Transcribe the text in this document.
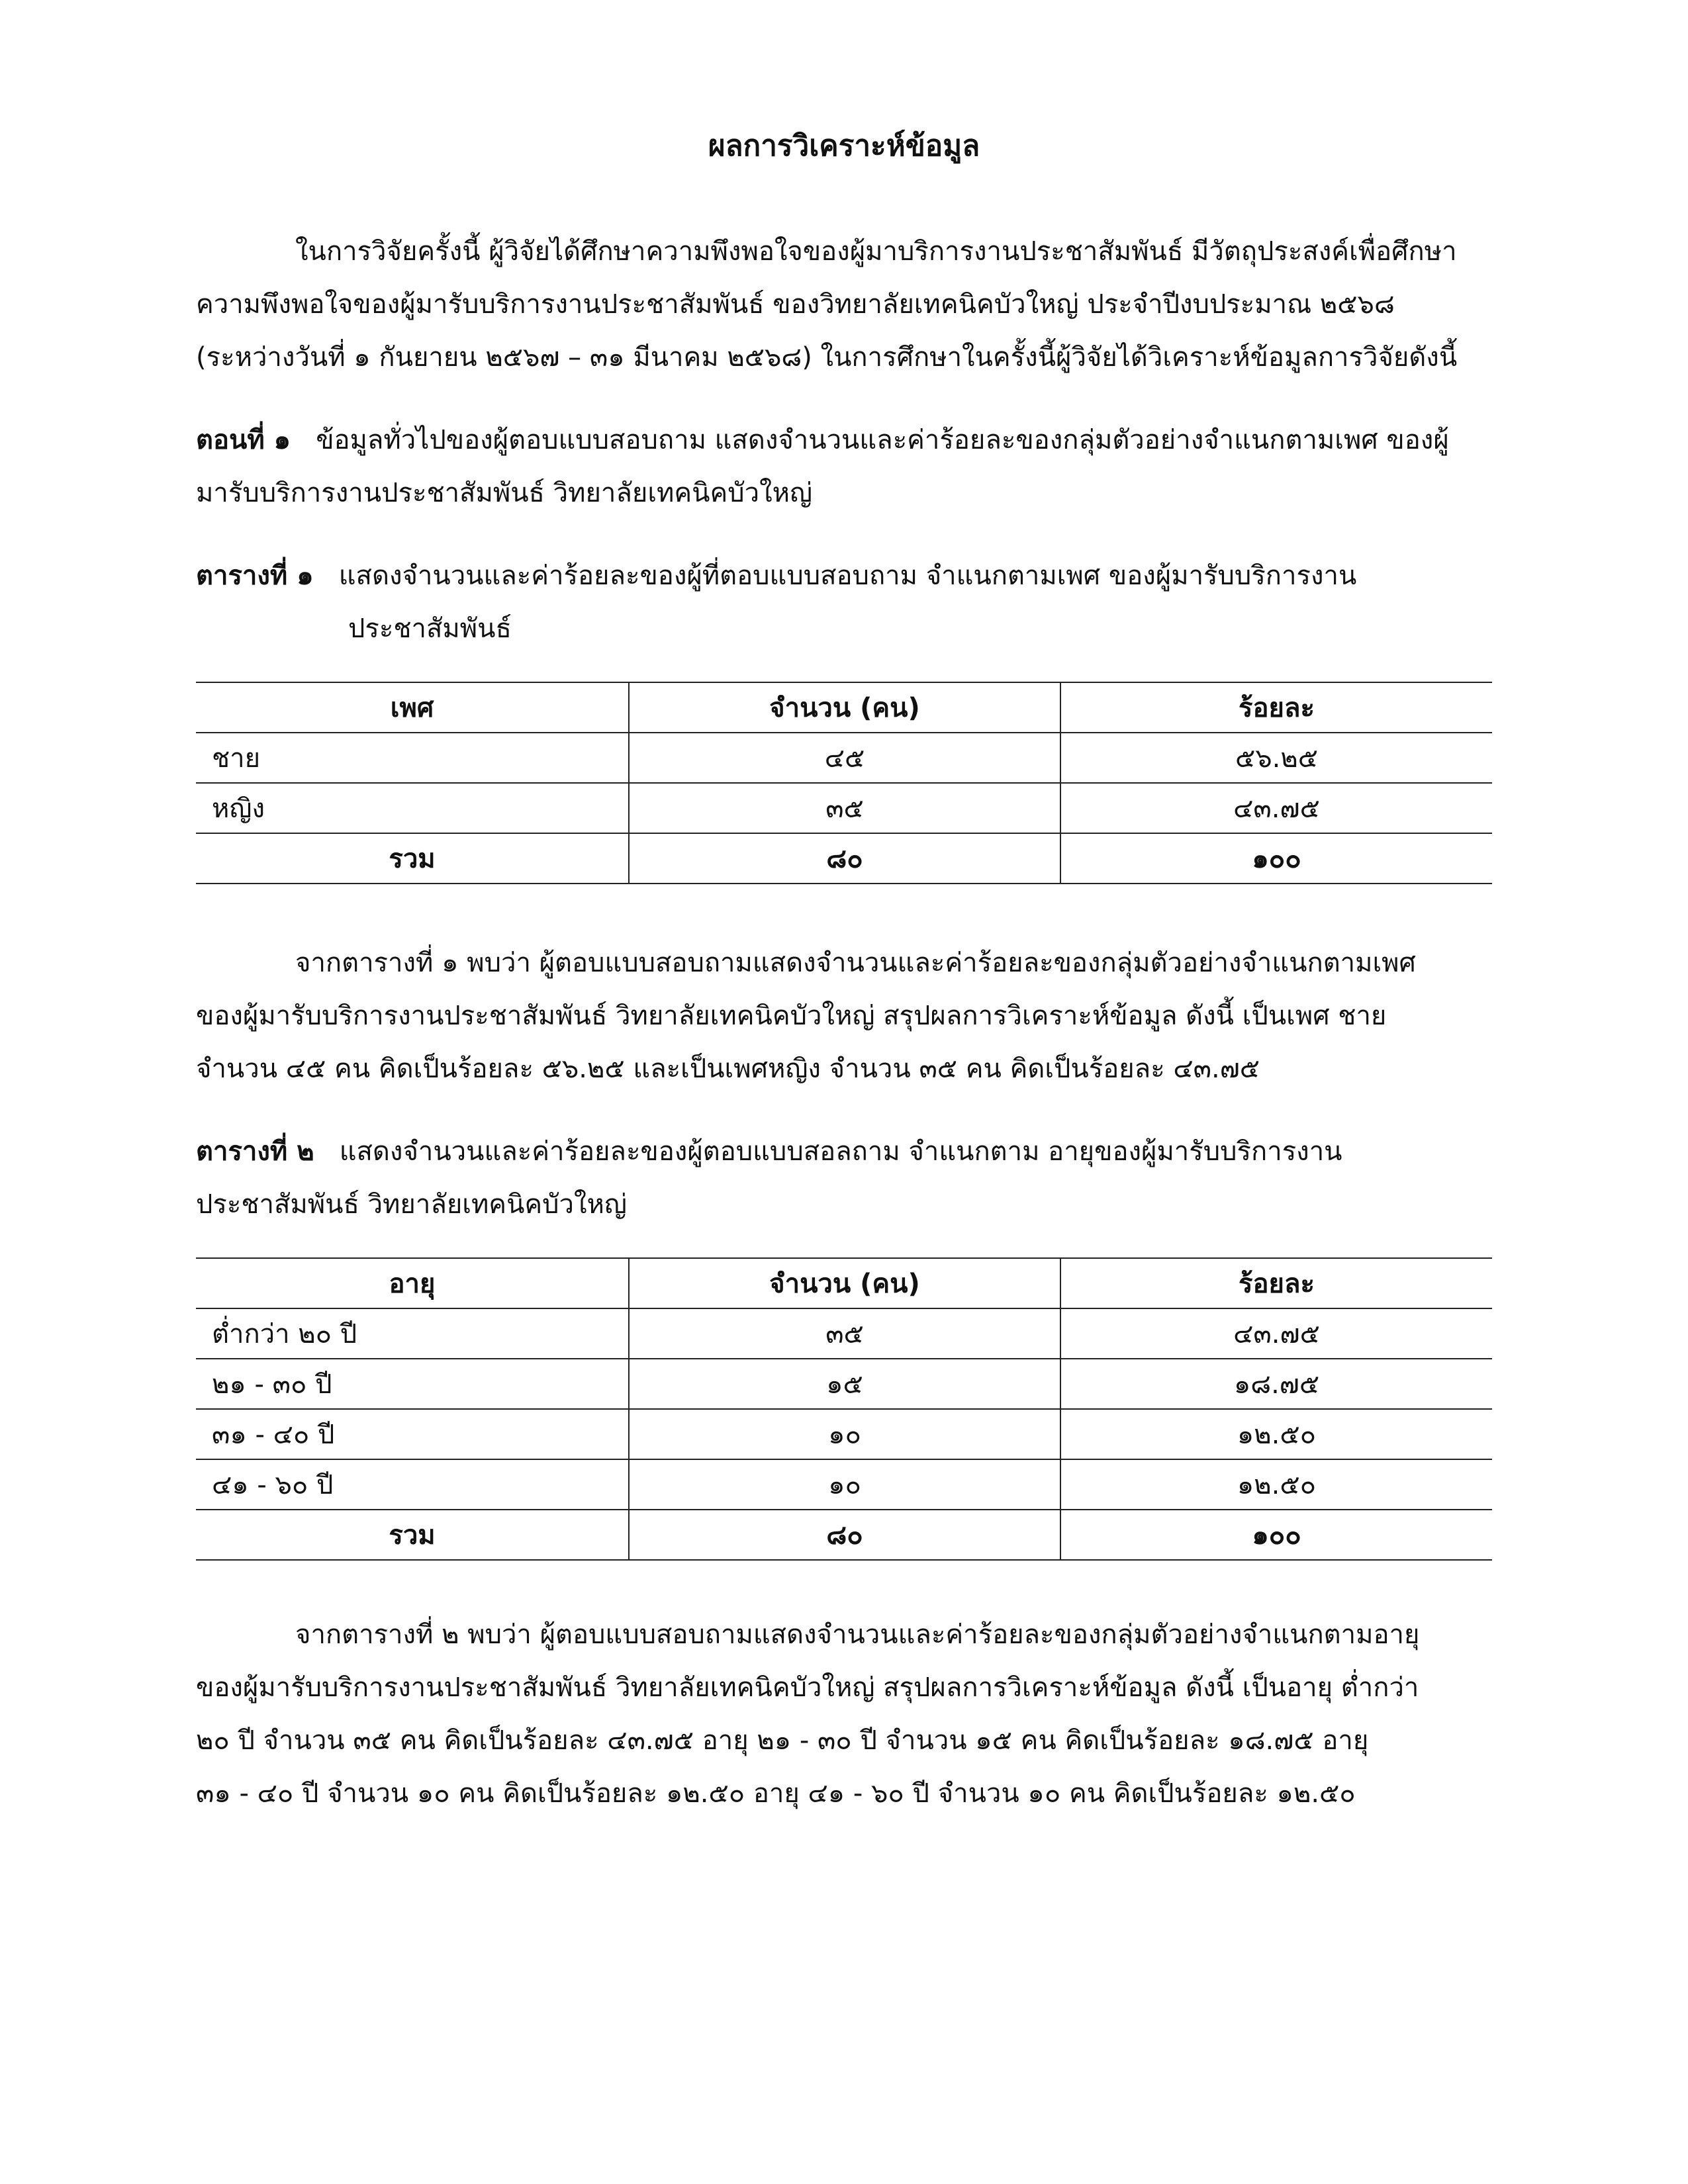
ผลการวิเคราะห์ข้อมูล
ในการวิจัยครั้งนี้ ผู้วิจัยได้ศึกษาความพึงพอใจของผู้มาบริการงานประชาสัมพันธ์ มีวัตถุประสงค์เพื่อศึกษา
ความพึงพอใจของผู้มารับบริการงานประชาสัมพันธ์ ของวิทยาลัยเทคนิคบัวใหญ่ ประจำปีงบประมาณ ๒๕๖๘
(ระหว่างวันที่ ๑ กันยายน ๒๕๖๗ – ๓๑ มีนาคม ๒๕๖๘) ในการศึกษาในครั้งนี้ผู้วิจัยได้วิเคราะห์ข้อมูลการวิจัยดังนี้
ตอนที่ ๑ ข้อมูลทั่วไปของผู้ตอบแบบสอบถาม แสดงจำนวนและค่าร้อยละของกลุ่มตัวอย่างจำแนกตามเพศ ของผู้
มารับบริการงานประชาสัมพันธ์ วิทยาลัยเทคนิคบัวใหญ่
ตารางที่ ๑ แสดงจำนวนและค่าร้อยละของผู้ที่ตอบแบบสอบถาม จำแนกตามเพศ ของผู้มารับบริการงาน
ประชาสัมพันธ์
เพศ	จำนวน (คน)	ร้อยละ
ชาย	๔๕	๕๖.๒๕
หญิง	๓๕	๔๓.๗๕
รวม	๘๐	๑๐๐
จากตารางที่ ๑ พบว่า ผู้ตอบแบบสอบถามแสดงจำนวนและค่าร้อยละของกลุ่มตัวอย่างจำแนกตามเพศ
ของผู้มารับบริการงานประชาสัมพันธ์ วิทยาลัยเทคนิคบัวใหญ่ สรุปผลการวิเคราะห์ข้อมูล ดังนี้ เป็นเพศ ชาย
จำนวน ๔๕ คน คิดเป็นร้อยละ ๕๖.๒๕ และเป็นเพศหญิง จำนวน ๓๕ คน คิดเป็นร้อยละ ๔๓.๗๕
ตารางที่ ๒ แสดงจำนวนและค่าร้อยละของผู้ตอบแบบสอลถาม จำแนกตาม อายุของผู้มารับบริการงาน
ประชาสัมพันธ์ วิทยาลัยเทคนิคบัวใหญ่
อายุ	จำนวน (คน)	ร้อยละ
ต่ำกว่า ๒๐ ปี	๓๕	๔๓.๗๕
๒๑ - ๓๐ ปี	๑๕	๑๘.๗๕
๓๑ - ๔๐ ปี	๑๐	๑๒.๕๐
๔๑ - ๖๐ ปี	๑๐	๑๒.๕๐
รวม	๘๐	๑๐๐
จากตารางที่ ๒ พบว่า ผู้ตอบแบบสอบถามแสดงจำนวนและค่าร้อยละของกลุ่มตัวอย่างจำแนกตามอายุ
ของผู้มารับบริการงานประชาสัมพันธ์ วิทยาลัยเทคนิคบัวใหญ่ สรุปผลการวิเคราะห์ข้อมูล ดังนี้ เป็นอายุ ต่ำกว่า
๒๐ ปี จำนวน ๓๕ คน คิดเป็นร้อยละ ๔๓.๗๕ อายุ ๒๑ - ๓๐ ปี จำนวน ๑๕ คน คิดเป็นร้อยละ ๑๘.๗๕ อายุ
๓๑ - ๔๐ ปี จำนวน ๑๐ คน คิดเป็นร้อยละ ๑๒.๕๐ อายุ ๔๑ - ๖๐ ปี จำนวน ๑๐ คน คิดเป็นร้อยละ ๑๒.๕๐
